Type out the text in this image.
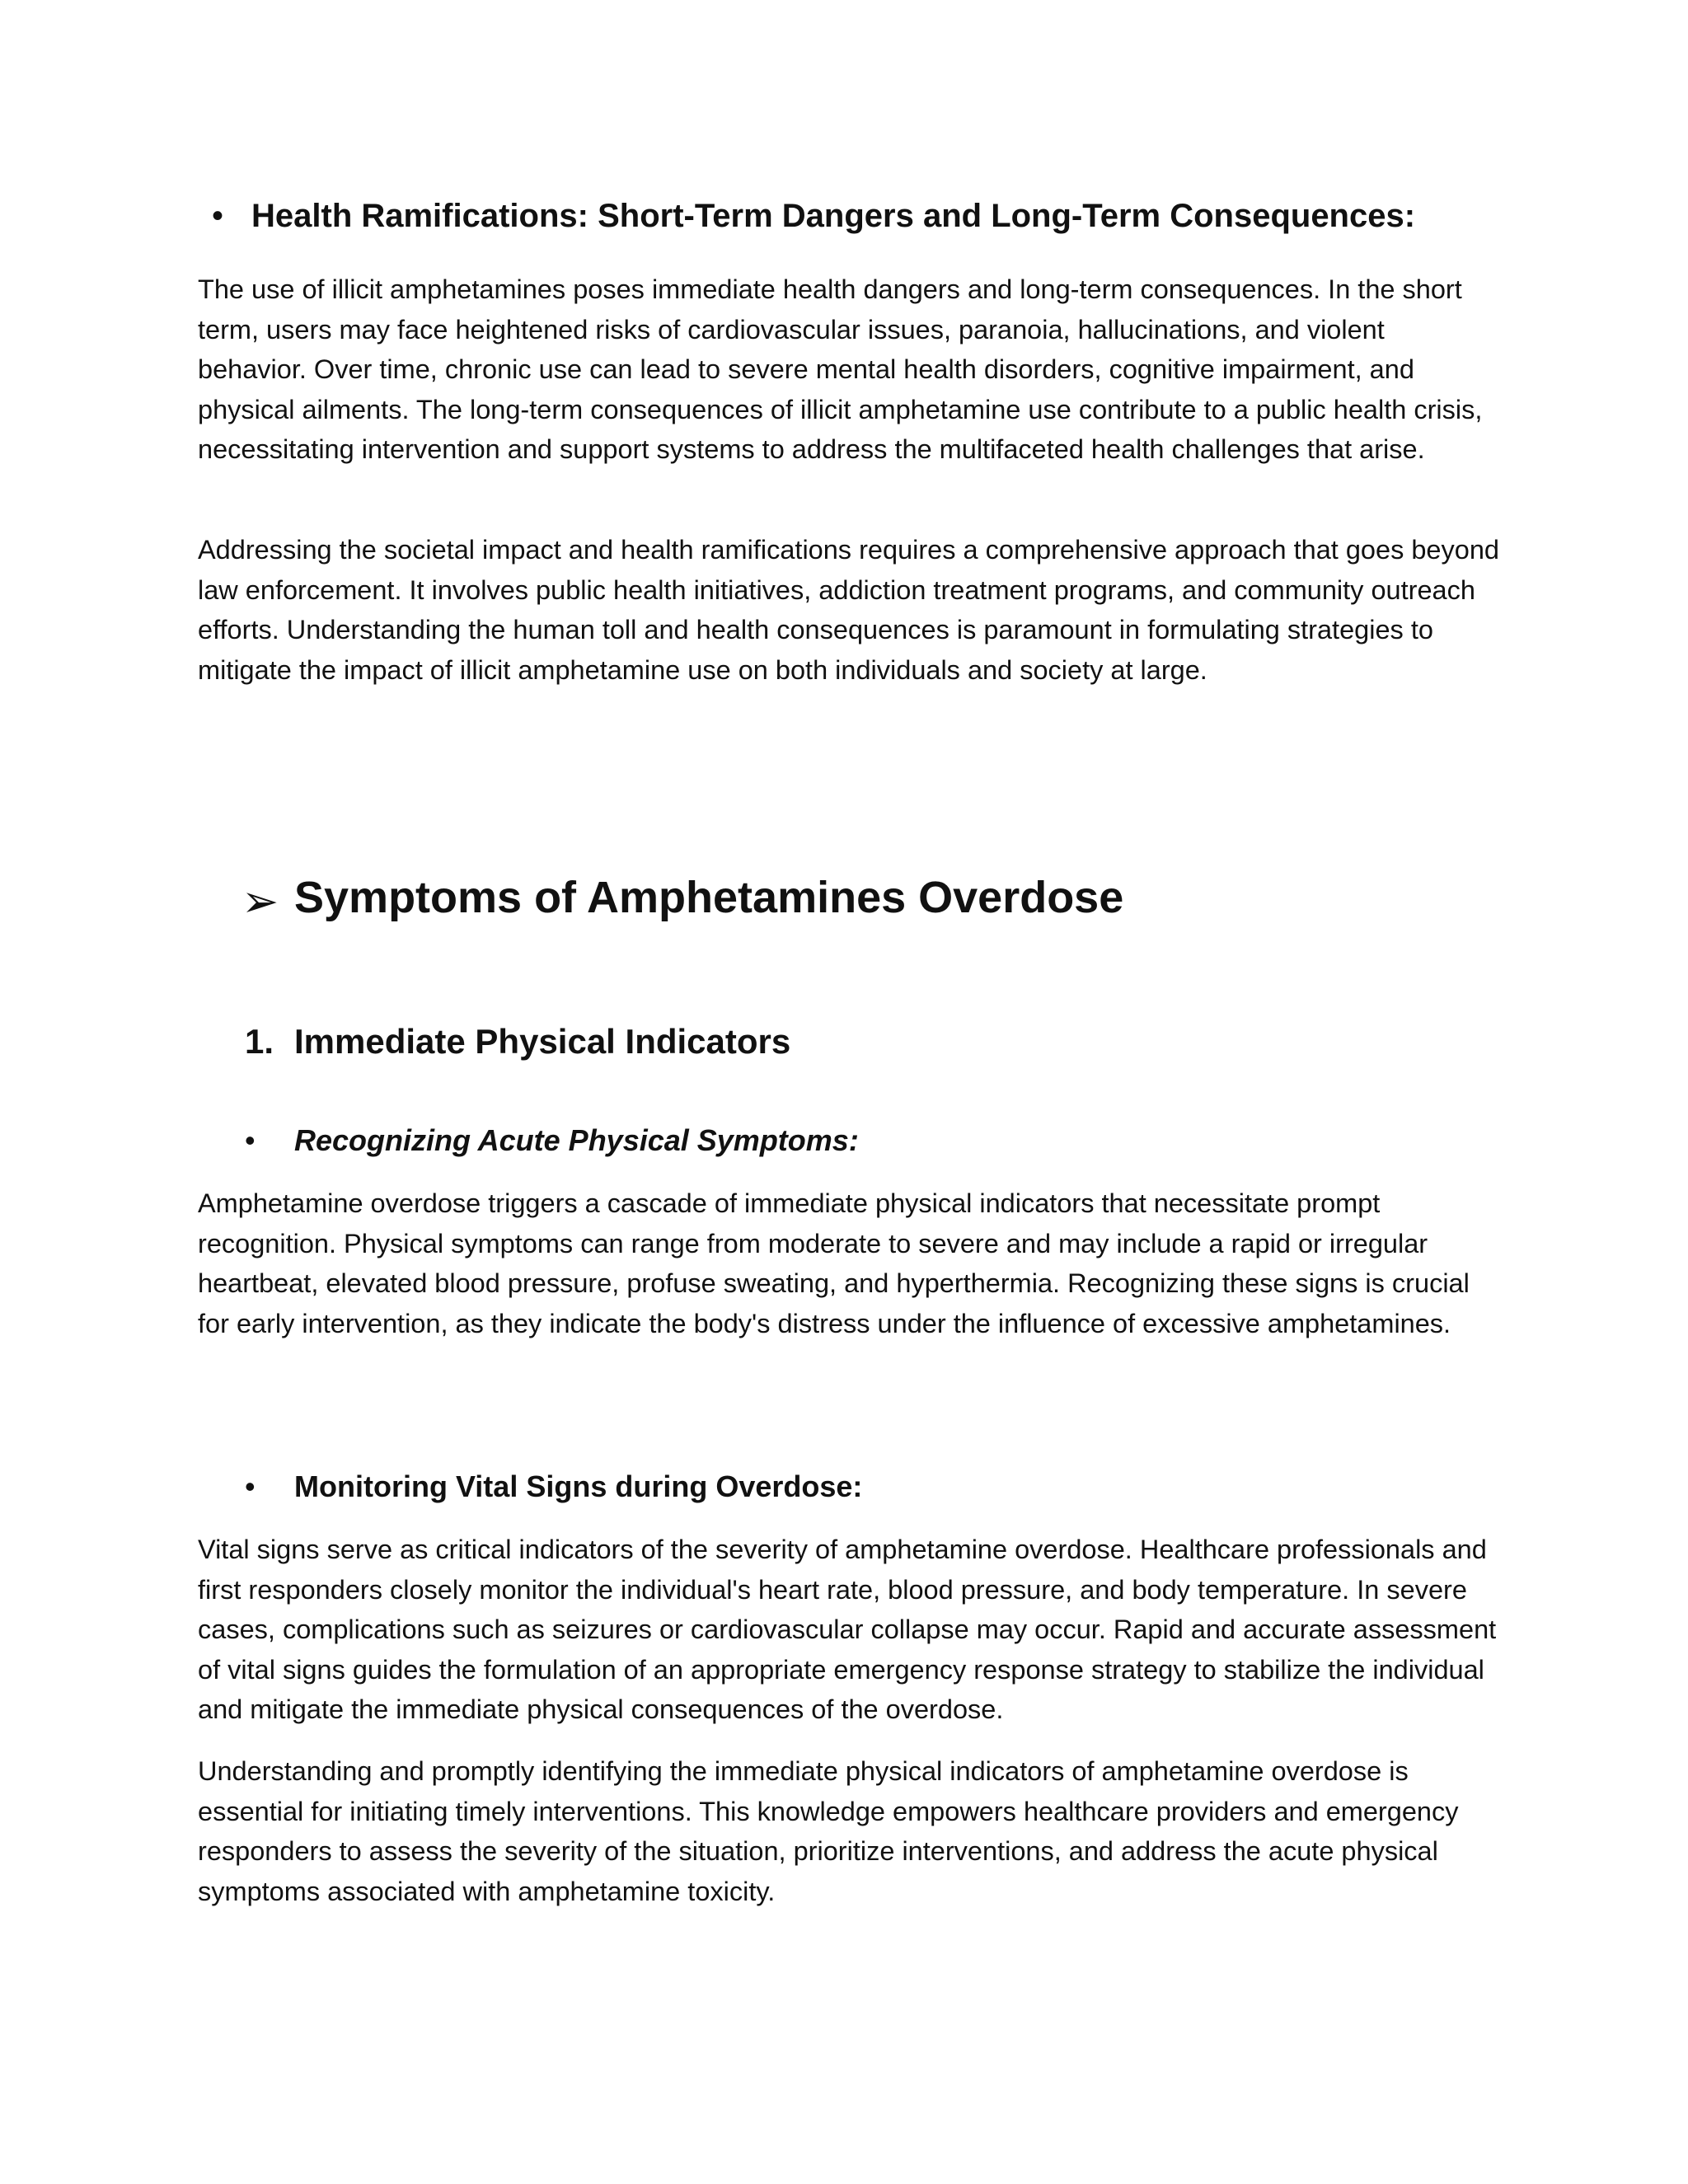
• Health Ramifications: Short-Term Dangers and Long-Term Consequences:

The use of illicit amphetamines poses immediate health dangers and long-term consequences. In the short term, users may face heightened risks of cardiovascular issues, paranoia, hallucinations, and violent behavior. Over time, chronic use can lead to severe mental health disorders, cognitive impairment, and physical ailments. The long-term consequences of illicit amphetamine use contribute to a public health crisis, necessitating intervention and support systems to address the multifaceted health challenges that arise.

Addressing the societal impact and health ramifications requires a comprehensive approach that goes beyond law enforcement. It involves public health initiatives, addiction treatment programs, and community outreach efforts. Understanding the human toll and health consequences is paramount in formulating strategies to mitigate the impact of illicit amphetamine use on both individuals and society at large.

➢ Symptoms of Amphetamines Overdose
1. Immediate Physical Indicators
• Recognizing Acute Physical Symptoms:

Amphetamine overdose triggers a cascade of immediate physical indicators that necessitate prompt recognition. Physical symptoms can range from moderate to severe and may include a rapid or irregular heartbeat, elevated blood pressure, profuse sweating, and hyperthermia. Recognizing these signs is crucial for early intervention, as they indicate the body's distress under the influence of excessive amphetamines.

• Monitoring Vital Signs during Overdose:

Vital signs serve as critical indicators of the severity of amphetamine overdose. Healthcare professionals and first responders closely monitor the individual's heart rate, blood pressure, and body temperature. In severe cases, complications such as seizures or cardiovascular collapse may occur. Rapid and accurate assessment of vital signs guides the formulation of an appropriate emergency response strategy to stabilize the individual and mitigate the immediate physical consequences of the overdose.

Understanding and promptly identifying the immediate physical indicators of amphetamine overdose is essential for initiating timely interventions. This knowledge empowers healthcare providers and emergency responders to assess the severity of the situation, prioritize interventions, and address the acute physical symptoms associated with amphetamine toxicity.
